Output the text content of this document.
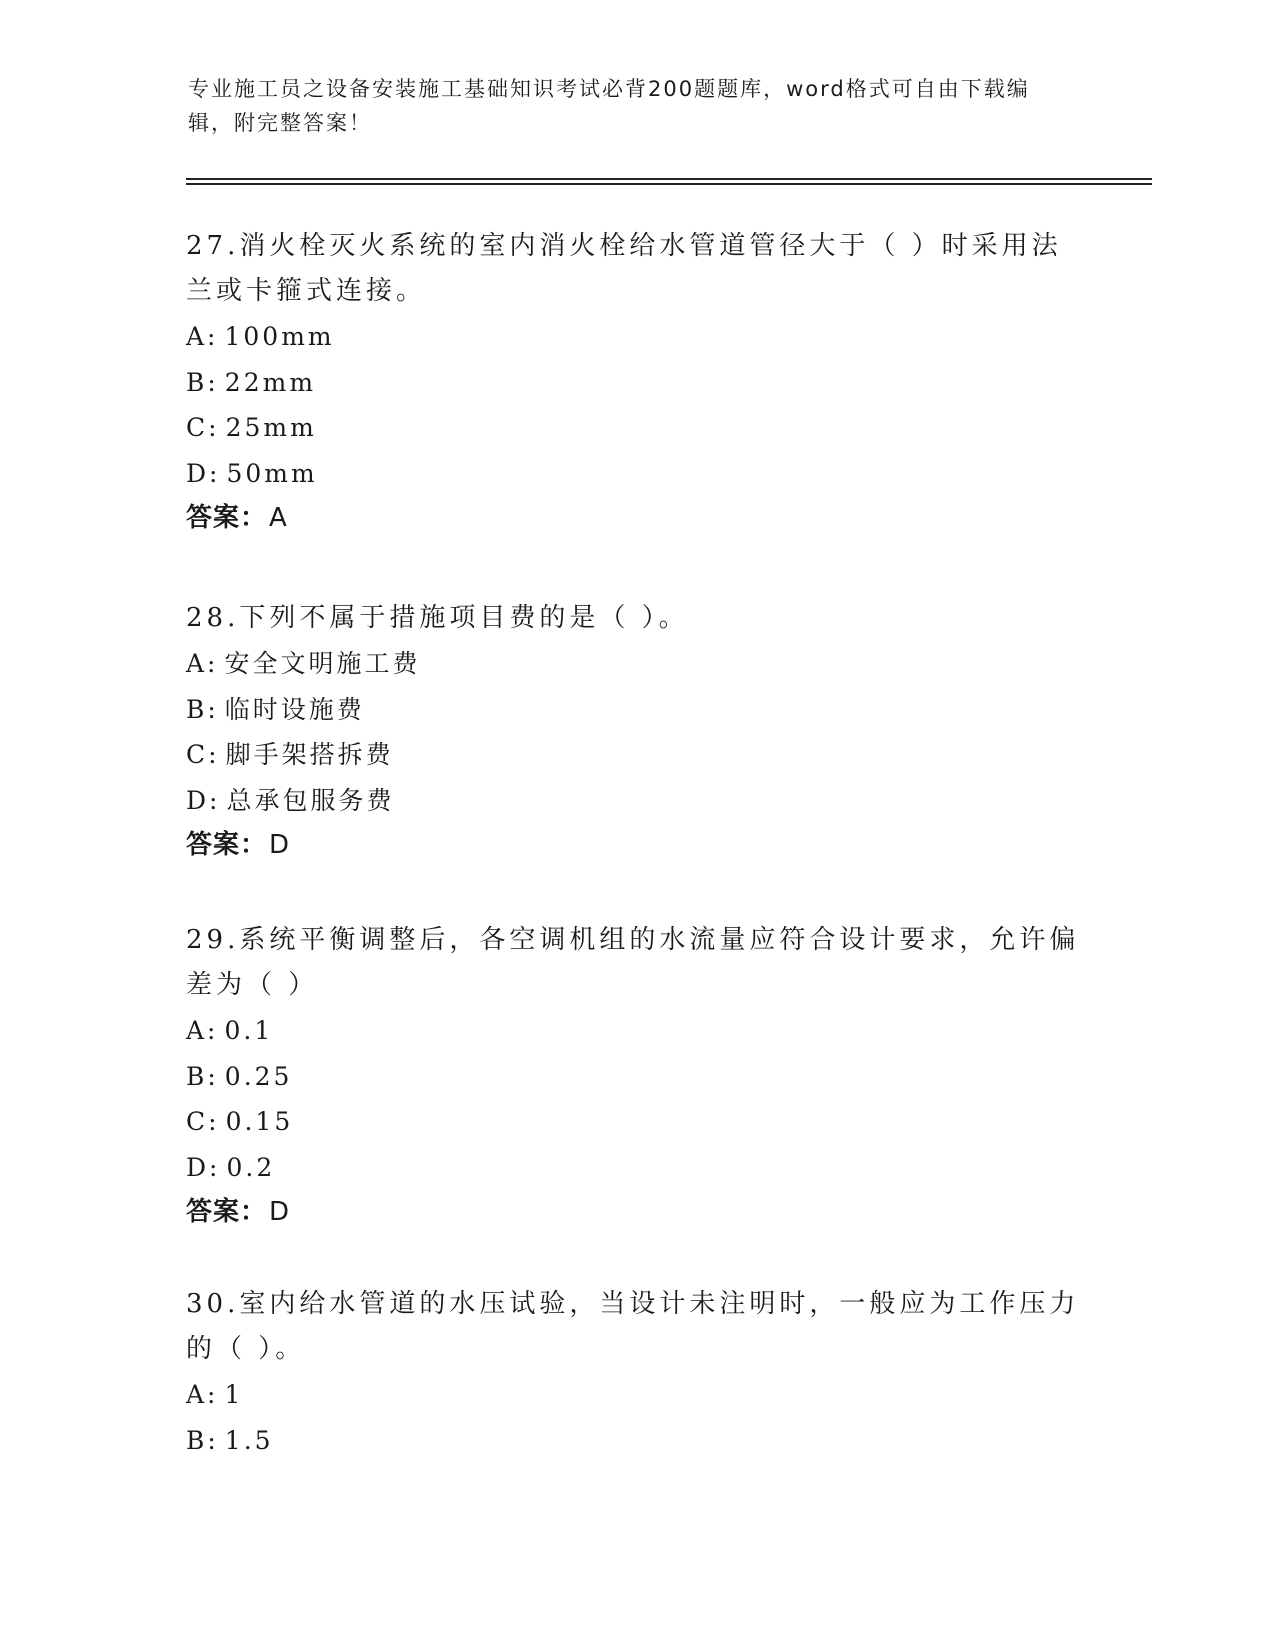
专业施工员之设备安装施工基础知识考试必背200题题库，word格式可自由下载编辑，附完整答案！

27.消火栓灭火系统的室内消火栓给水管道管径大于（ ）时采用法兰或卡箍式连接。

A: 100mm

B: 22mm

C: 25mm

D: 50mm

答案：A

28.下列不属于措施项目费的是（ ）。

A: 安全文明施工费

B: 临时设施费

C: 脚手架搭拆费

D: 总承包服务费

答案：D

29.系统平衡调整后，各空调机组的水流量应符合设计要求，允许偏差为（ ）

A: 0.1

B: 0.25

C: 0.15

D: 0.2

答案：D

30.室内给水管道的水压试验，当设计未注明时，一般应为工作压力的（ ）。

A: 1

B: 1.5
